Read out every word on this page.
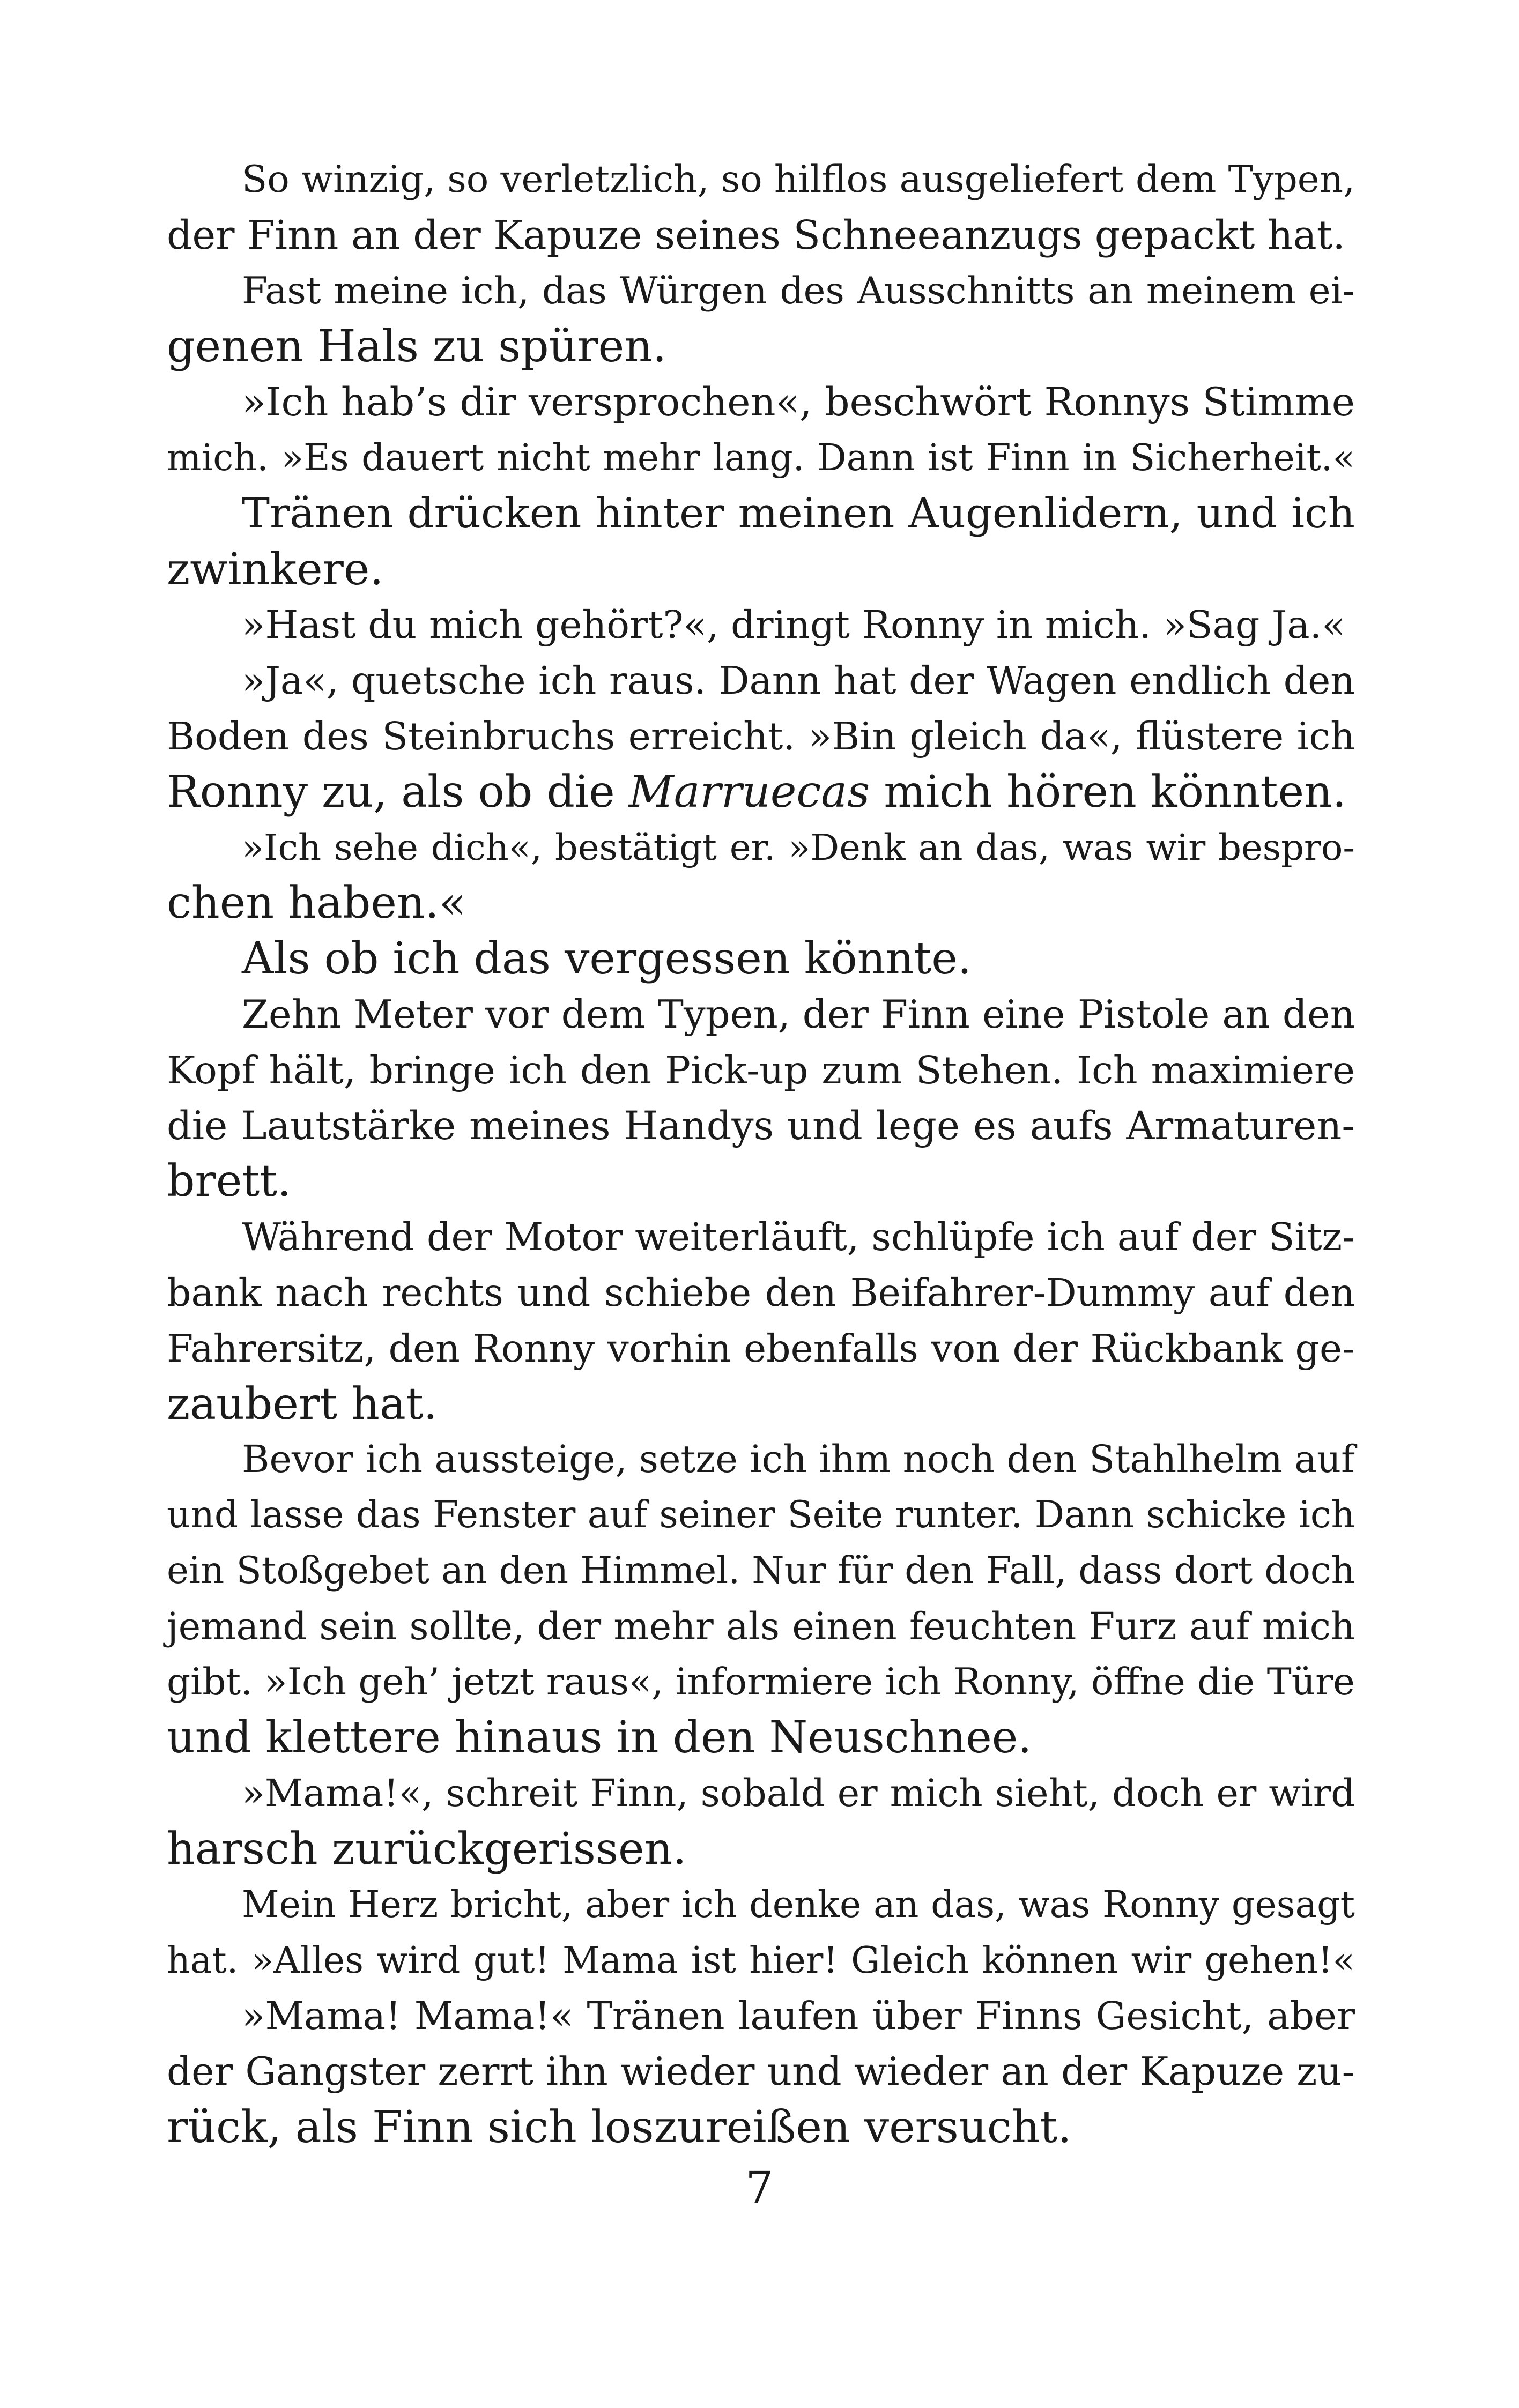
So winzig, so verletzlich, so hilflos ausgeliefert dem Typen,
der Finn an der Kapuze seines Schneeanzugs gepackt hat.
Fast meine ich, das Würgen des Ausschnitts an meinem ei-
genen Hals zu spüren.
»Ich hab’s dir versprochen«, beschwört Ronnys Stimme
mich. »Es dauert nicht mehr lang. Dann ist Finn in Sicherheit.«
Tränen drücken hinter meinen Augenlidern, und ich
zwinkere.
»Hast du mich gehört?«, dringt Ronny in mich. »Sag Ja.«
»Ja«, quetsche ich raus. Dann hat der Wagen endlich den
Boden des Steinbruchs erreicht. »Bin gleich da«, flüstere ich
Ronny zu, als ob die Marruecas mich hören könnten.
»Ich sehe dich«, bestätigt er. »Denk an das, was wir bespro-
chen haben.«
Als ob ich das vergessen könnte.
Zehn Meter vor dem Typen, der Finn eine Pistole an den
Kopf hält, bringe ich den Pick-up zum Stehen. Ich maximiere
die Lautstärke meines Handys und lege es aufs Armaturen-
brett.
Während der Motor weiterläuft, schlüpfe ich auf der Sitz-
bank nach rechts und schiebe den Beifahrer-Dummy auf den
Fahrersitz, den Ronny vorhin ebenfalls von der Rückbank ge-
zaubert hat.
Bevor ich aussteige, setze ich ihm noch den Stahlhelm auf
und lasse das Fenster auf seiner Seite runter. Dann schicke ich
ein Stoßgebet an den Himmel. Nur für den Fall, dass dort doch
jemand sein sollte, der mehr als einen feuchten Furz auf mich
gibt. »Ich geh’ jetzt raus«, informiere ich Ronny, öffne die Türe
und klettere hinaus in den Neuschnee.
»Mama!«, schreit Finn, sobald er mich sieht, doch er wird
harsch zurückgerissen.
Mein Herz bricht, aber ich denke an das, was Ronny gesagt
hat. »Alles wird gut! Mama ist hier! Gleich können wir gehen!«
»Mama! Mama!« Tränen laufen über Finns Gesicht, aber
der Gangster zerrt ihn wieder und wieder an der Kapuze zu-
rück, als Finn sich loszureißen versucht.
7
